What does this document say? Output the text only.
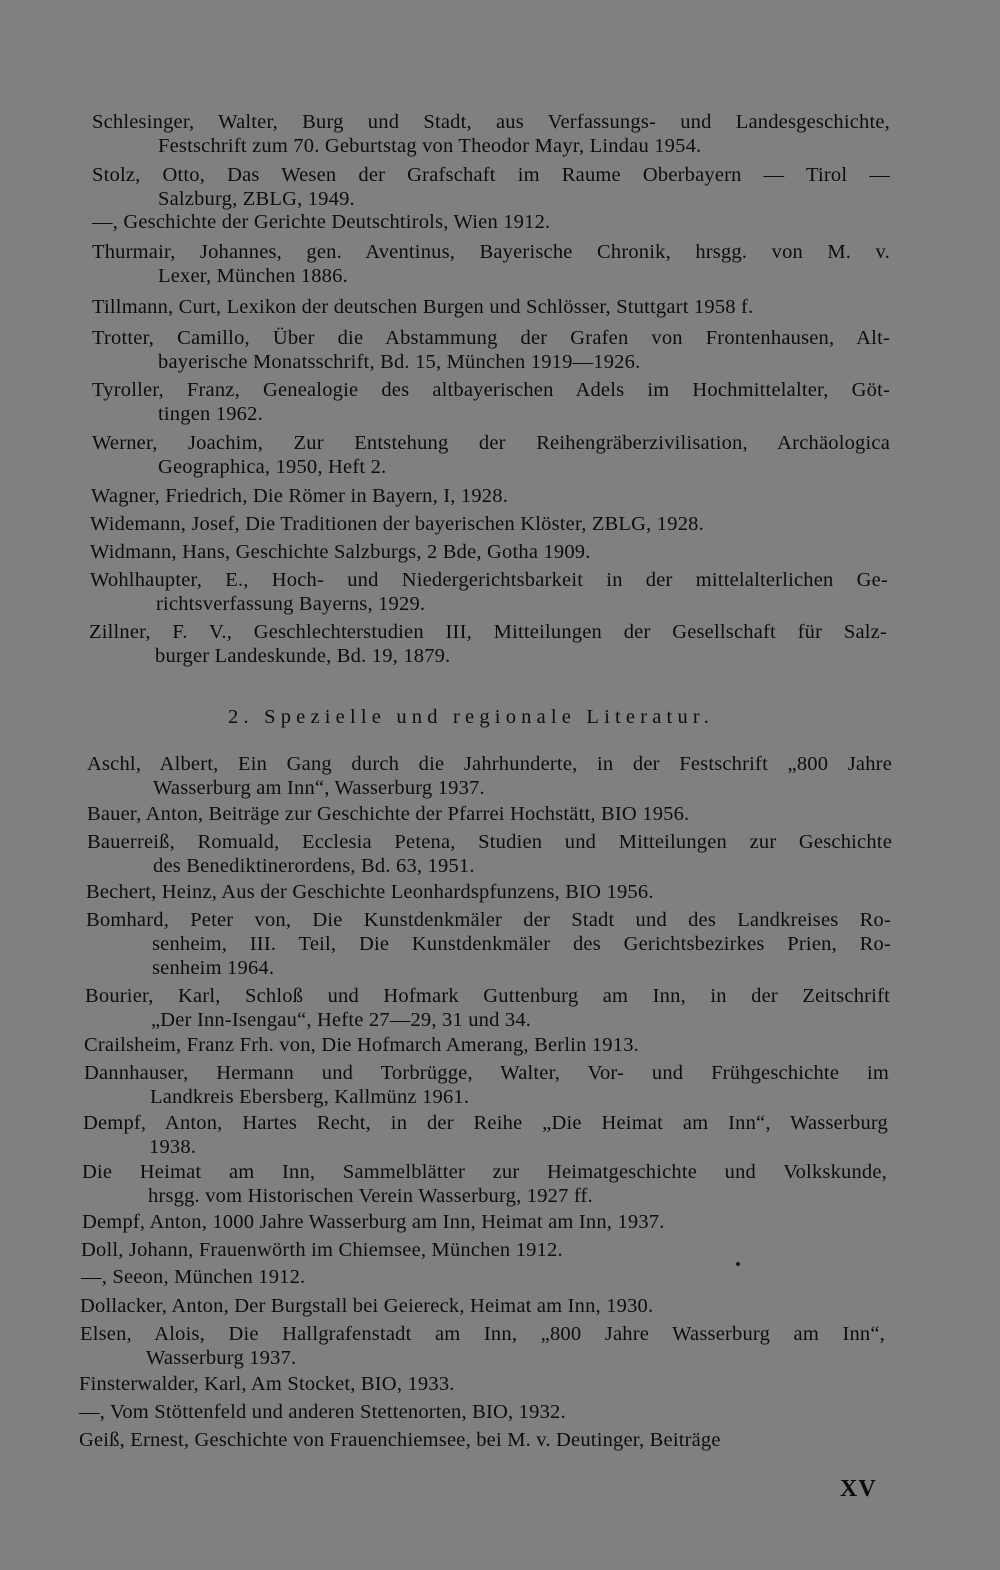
Schlesinger, Walter, Burg und Stadt, aus Verfassungs- und Landesgeschichte,
Festschrift zum 70. Geburtstag von Theodor Mayr, Lindau 1954.
Stolz, Otto, Das Wesen der Grafschaft im Raume Oberbayern — Tirol —
Salzburg, ZBLG, 1949.
—, Geschichte der Gerichte Deutschtirols, Wien 1912.
Thurmair, Johannes, gen. Aventinus, Bayerische Chronik, hrsgg. von M. v.
Lexer, München 1886.
Tillmann, Curt, Lexikon der deutschen Burgen und Schlösser, Stuttgart 1958 f.
Trotter, Camillo, Über die Abstammung der Grafen von Frontenhausen, Alt-
bayerische Monatsschrift, Bd. 15, München 1919—1926.
Tyroller, Franz, Genealogie des altbayerischen Adels im Hochmittelalter, Göt-
tingen 1962.
Werner, Joachim, Zur Entstehung der Reihengräberzivilisation, Archäologica
Geographica, 1950, Heft 2.
Wagner, Friedrich, Die Römer in Bayern, I, 1928.
Widemann, Josef, Die Traditionen der bayerischen Klöster, ZBLG, 1928.
Widmann, Hans, Geschichte Salzburgs, 2 Bde, Gotha 1909.
Wohlhaupter, E., Hoch- und Niedergerichtsbarkeit in der mittelalterlichen Ge-
richtsverfassung Bayerns, 1929.
Zillner, F. V., Geschlechterstudien III, Mitteilungen der Gesellschaft für Salz-
burger Landeskunde, Bd. 19, 1879.
2. Spezielle und regionale Literatur.
Aschl, Albert, Ein Gang durch die Jahrhunderte, in der Festschrift „800 Jahre
Wasserburg am Inn“, Wasserburg 1937.
Bauer, Anton, Beiträge zur Geschichte der Pfarrei Hochstätt, BIO 1956.
Bauerreiß, Romuald, Ecclesia Petena, Studien und Mitteilungen zur Geschichte
des Benediktinerordens, Bd. 63, 1951.
Bechert, Heinz, Aus der Geschichte Leonhardspfunzens, BIO 1956.
Bomhard, Peter von, Die Kunstdenkmäler der Stadt und des Landkreises Ro-
senheim, III. Teil, Die Kunstdenkmäler des Gerichtsbezirkes Prien, Ro-
senheim 1964.
Bourier, Karl, Schloß und Hofmark Guttenburg am Inn, in der Zeitschrift
„Der Inn-Isengau“, Hefte 27—29, 31 und 34.
Crailsheim, Franz Frh. von, Die Hofmarch Amerang, Berlin 1913.
Dannhauser, Hermann und Torbrügge, Walter, Vor- und Frühgeschichte im
Landkreis Ebersberg, Kallmünz 1961.
Dempf, Anton, Hartes Recht, in der Reihe „Die Heimat am Inn“, Wasserburg
1938.
Die Heimat am Inn, Sammelblätter zur Heimatgeschichte und Volkskunde,
hrsgg. vom Historischen Verein Wasserburg, 1927 ff.
Dempf, Anton, 1000 Jahre Wasserburg am Inn, Heimat am Inn, 1937.
Doll, Johann, Frauenwörth im Chiemsee, München 1912.
—, Seeon, München 1912.
Dollacker, Anton, Der Burgstall bei Geiereck, Heimat am Inn, 1930.
Elsen, Alois, Die Hallgrafenstadt am Inn, „800 Jahre Wasserburg am Inn“,
Wasserburg 1937.
Finsterwalder, Karl, Am Stocket, BIO, 1933.
—, Vom Stöttenfeld und anderen Stettenorten, BIO, 1932.
Geiß, Ernest, Geschichte von Frauenchiemsee, bei M. v. Deutinger, Beiträge
XV
